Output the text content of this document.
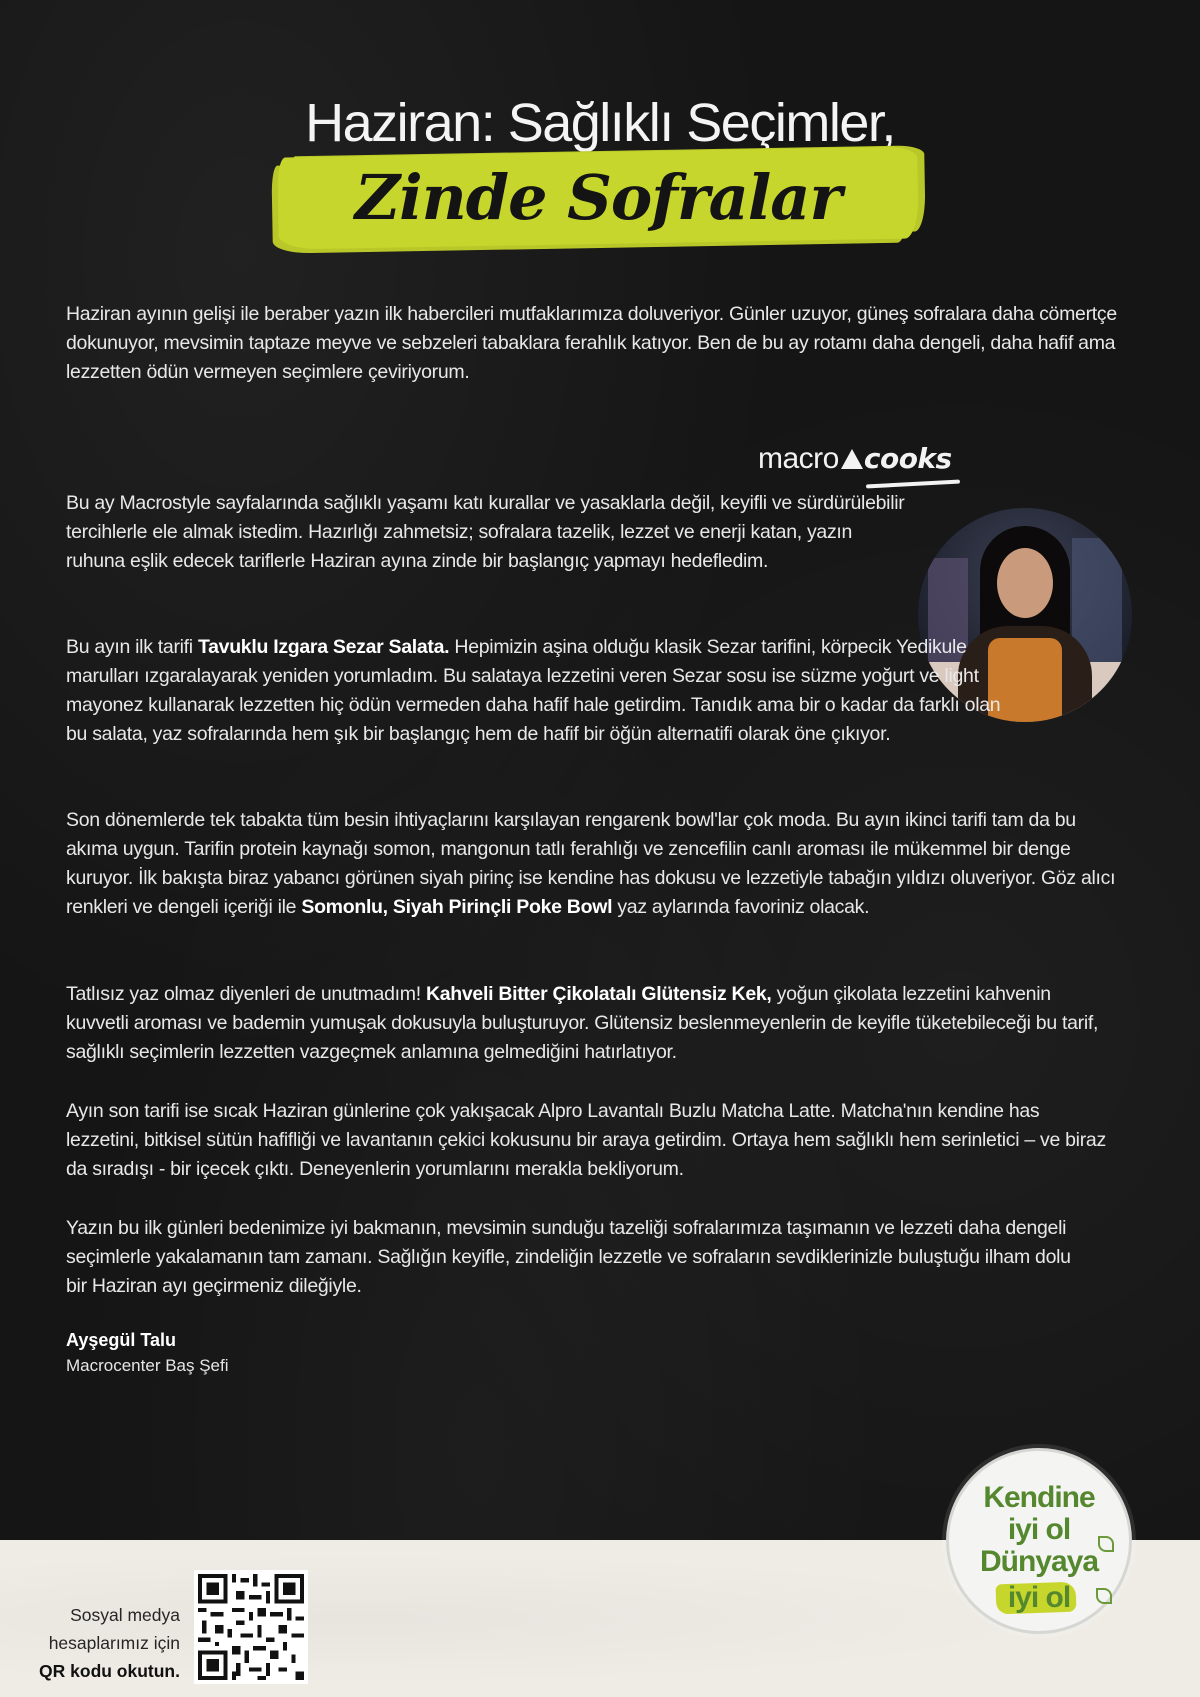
Haziran: Sağlıklı Seçimler,
Zinde Sofralar

Haziran ayının gelişi ile beraber yazın ilk habercileri mutfaklarımıza doluveriyor. Günler uzuyor, güneş sofralara daha cömertçe dokunuyor, mevsimin taptaze meyve ve sebzeleri tabaklara ferahlık katıyor. Ben de bu ay rotamı daha dengeli, daha hafif ama lezzetten ödün vermeyen seçimlere çeviriyorum.

macro cooks

Bu ay Macrostyle sayfalarında sağlıklı yaşamı katı kurallar ve yasaklarla değil, keyifli ve sürdürülebilir tercihlerle ele almak istedim. Hazırlığı zahmetsiz; sofralara tazelik, lezzet ve enerji katan, yazın ruhuna eşlik edecek tariflerle Haziran ayına zinde bir başlangıç yapmayı hedefledim.

Bu ayın ilk tarifi Tavuklu Izgara Sezar Salata. Hepimizin aşina olduğu klasik Sezar tarifini, körpecik Yedikule marulları ızgaralayarak yeniden yorumladım. Bu salataya lezzetini veren Sezar sosu ise süzme yoğurt ve light mayonez kullanarak lezzetten hiç ödün vermeden daha hafif hale getirdim. Tanıdık ama bir o kadar da farklı olan bu salata, yaz sofralarında hem şık bir başlangıç hem de hafif bir öğün alternatifi olarak öne çıkıyor.

Son dönemlerde tek tabakta tüm besin ihtiyaçlarını karşılayan rengarenk bowl'lar çok moda. Bu ayın ikinci tarifi tam da bu akıma uygun. Tarifin protein kaynağı somon, mangonun tatlı ferahlığı ve zencefilin canlı aroması ile mükemmel bir denge kuruyor. İlk bakışta biraz yabancı görünen siyah pirinç ise kendine has dokusu ve lezzetiyle tabağın yıldızı oluveriyor. Göz alıcı renkleri ve dengeli içeriği ile Somonlu, Siyah Pirinçli Poke Bowl yaz aylarında favoriniz olacak.

Tatlısız yaz olmaz diyenleri de unutmadım! Kahveli Bitter Çikolatalı Glütensiz Kek, yoğun çikolata lezzetini kahvenin kuvvetli aroması ve bademin yumuşak dokusuyla buluşturuyor. Glütensiz beslenmeyenlerin de keyifle tüketebileceği bu tarif, sağlıklı seçimlerin lezzetten vazgeçmek anlamına gelmediğini hatırlatıyor.

Ayın son tarifi ise sıcak Haziran günlerine çok yakışacak Alpro Lavantalı Buzlu Matcha Latte. Matcha'nın kendine has lezzetini, bitkisel sütün hafifliği ve lavantanın çekici kokusunu bir araya getirdim. Ortaya hem sağlıklı hem serinletici – ve biraz da sıradışı - bir içecek çıktı. Deneyenlerin yorumlarını merakla bekliyorum.

Yazın bu ilk günleri bedenimize iyi bakmanın, mevsimin sunduğu tazeliği sofralarımıza taşımanın ve lezzeti daha dengeli seçimlerle yakalamanın tam zamanı. Sağlığın keyifle, zindeliğin lezzetle ve sofraların sevdiklerinizle buluştuğu ilham dolu bir Haziran ayı geçirmeniz dileğiyle.

Ayşegül Talu
Macrocenter Baş Şefi
Sosyal medya
hesaplarımız için
QR kodu okutun.
Kendine
iyi ol
Dünyaya
iyi ol
